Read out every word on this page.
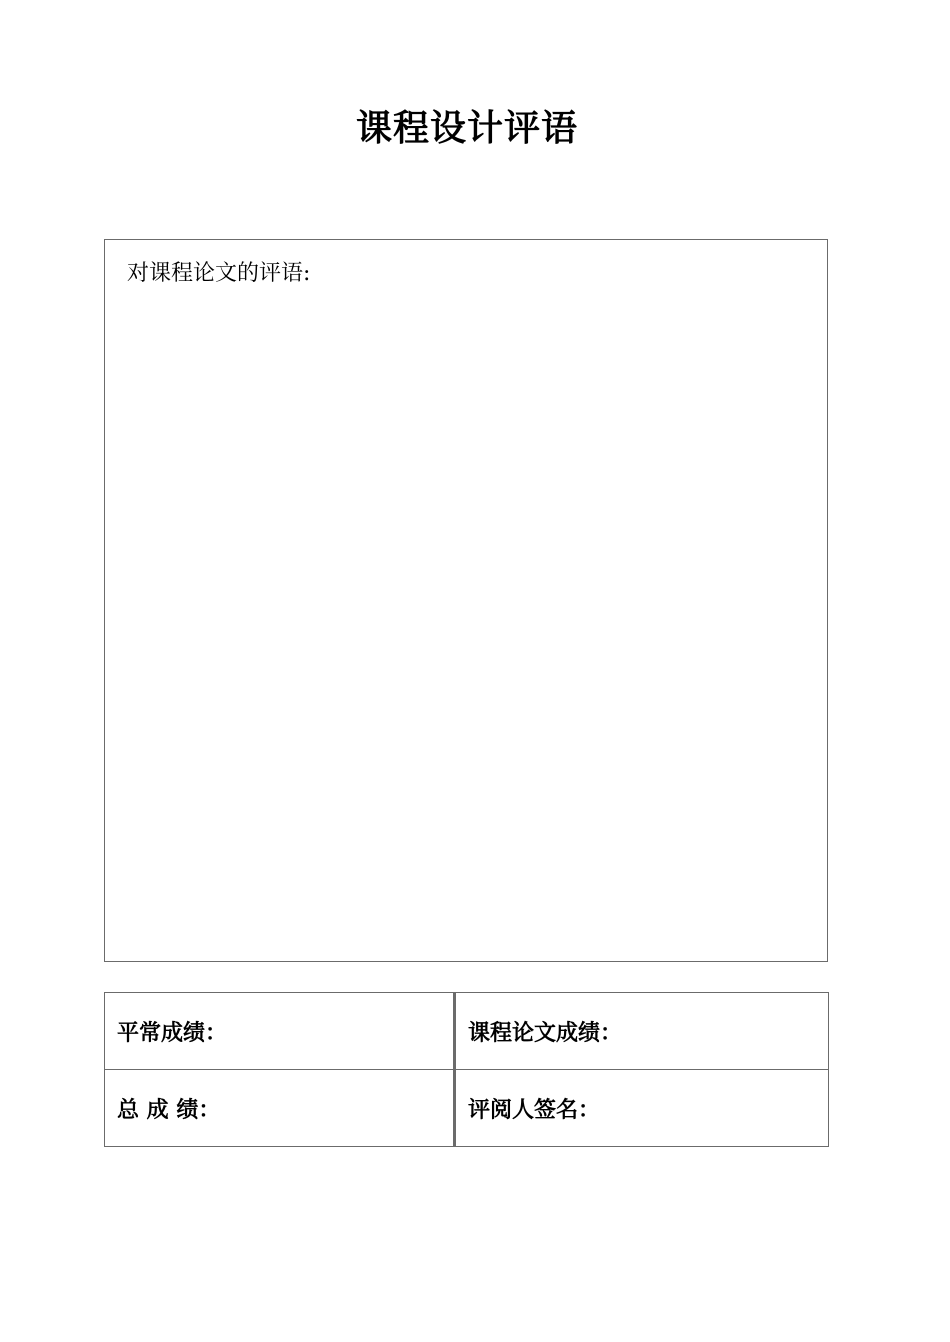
课程设计评语
对课程论文的评语:
平常成绩：	课程论文成绩：
总 成 绩：	评阅人签名：
